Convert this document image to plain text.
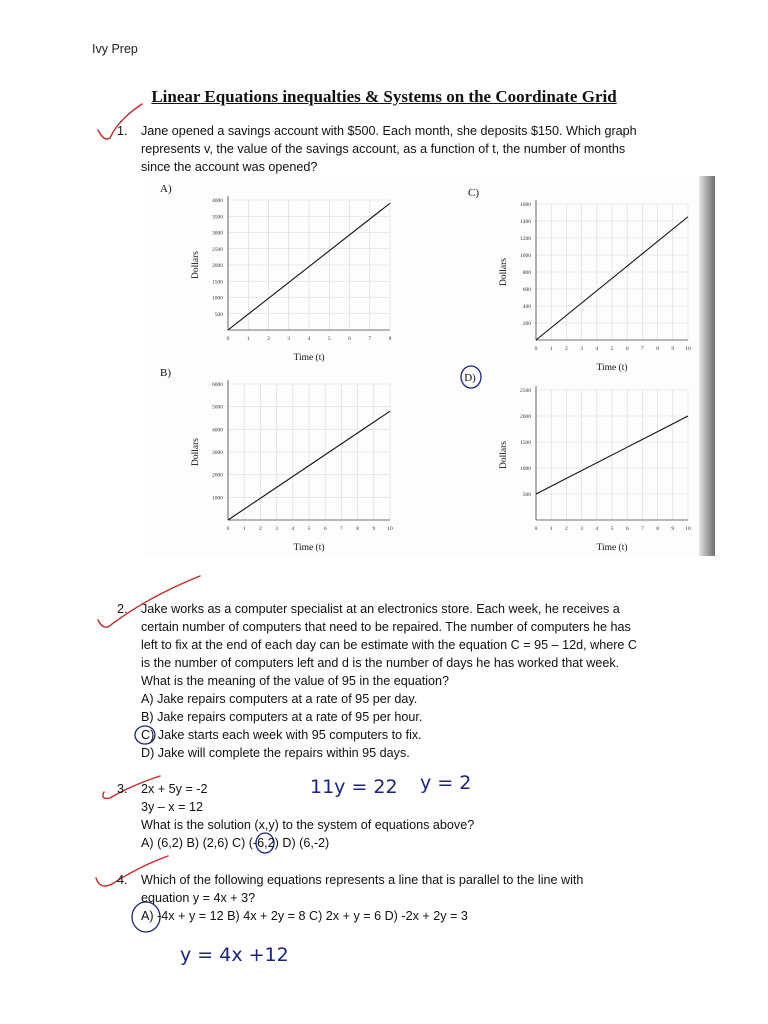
Ivy Prep
Linear Equations inequalties & Systems on the Coordinate Grid
1. Jane opened a savings account with $500. Each month, she deposits $150. Which graph
represents v, the value of the savings account, as a function of t, the number of months
since the account was opened?
A)
0	1	2	3	4	5	6	7	8
500
1000
1500
2000
2500
3000
3500
4000
Time (t)
Dollars
B)
0 1 2 3 4 5 6 7 8 9 10
1000
2000
3000
4000
5000
6000
Time (t)
Dollars
C)
0 1 2 3 4 5 6 7 8 9 10
200
400
600
800
1000
1200
1400
1600
Time (t)
Dollars
0 1 2 3 4 5 6 7 8 9 10
500
1000
1500
2000
2500
Time (t)
Dollars
D)
2. Jake works as a computer specialist at an electronics store. Each week, he receives a
certain number of computers that need to be repaired. The number of computers he has
left to fix at the end of each day can be estimate with the equation C = 95 – 12d, where C
is the number of computers left and d is the number of days he has worked that week.
What is the meaning of the value of 95 in the equation?
A) Jake repairs computers at a rate of 95 per day.
B) Jake repairs computers at a rate of 95 per hour.
C) Jake starts each week with 95 computers to fix.
D) Jake will complete the repairs within 95 days.
3. 2x + 5y = -2
3y – x = 12
What is the solution (x,y) to the system of equations above?
A) (6,2) B) (2,6) C) (-6,2) D) (6,-2)
11y = 22 y = 2
4. Which of the following equations represents a line that is parallel to the line with
equation y = 4x + 3?
A) -4x + y = 12 B) 4x + 2y = 8 C) 2x + y = 6 D) -2x + 2y = 3
y = 4x +12
